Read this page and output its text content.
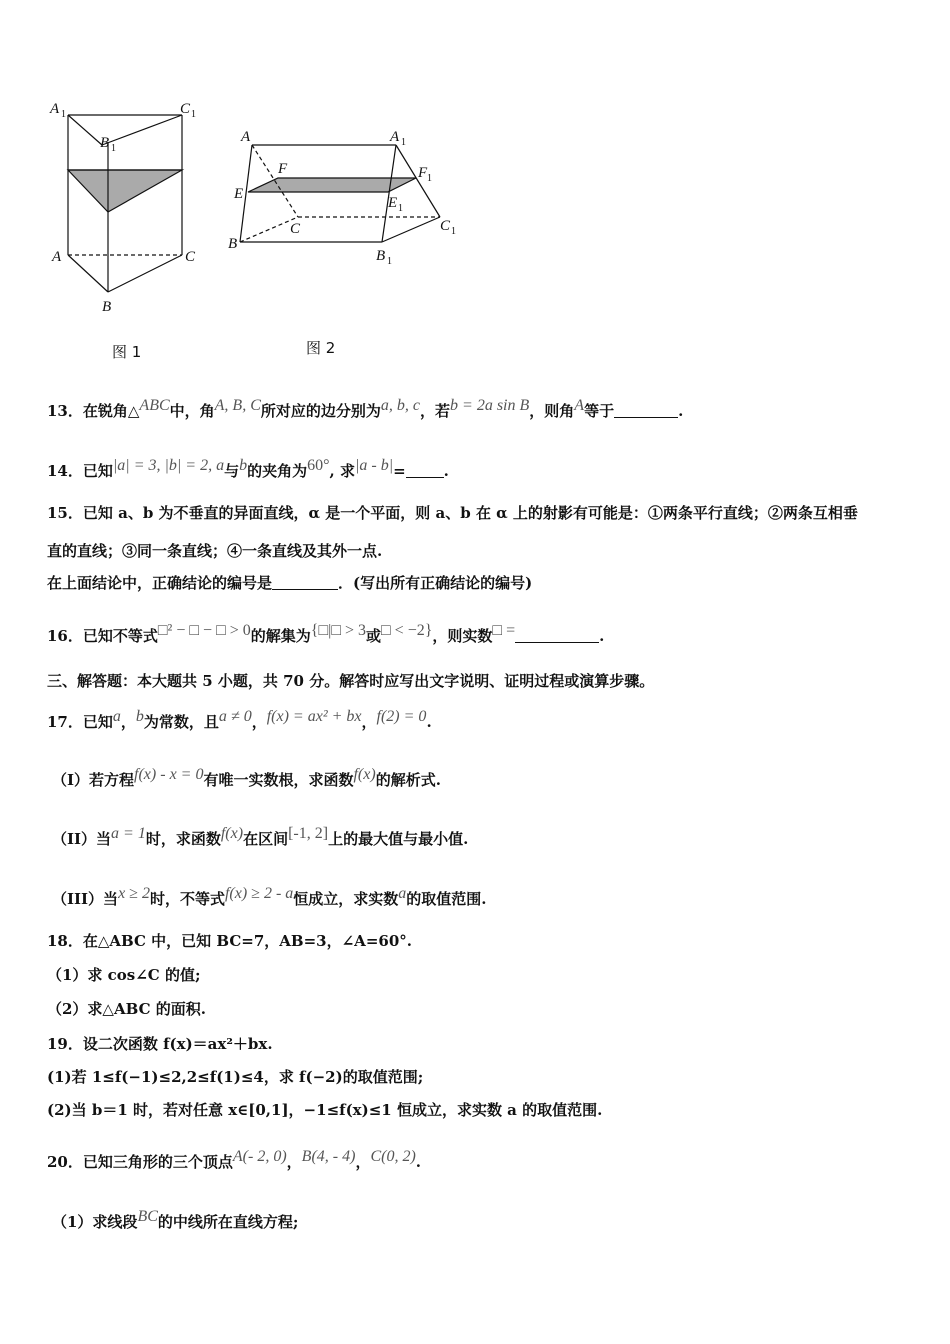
A 1	C 1
B 1
A	C
B
图 1
A	A 1
F	F 1
E
E 1
C	C 1
B
B 1
图 2
13．在锐角△ABC中，角A, B, C所对应的边分别为a, b, c，若b = 2a sin B，则角A等于	.
14．已知|a| = 3, |b| = 2, a与b的夹角为60°, 求|a - b|=	.
15．已知 a、b 为不垂直的异面直线，α 是一个平面，则 a、b 在 α 上的射影有可能是：①两条平行直线；②两条互相垂
直的直线；③同一条直线；④一条直线及其外一点.
在上面结论中，正确结论的编号是	．(写出所有正确结论的编号)
16．已知不等式□² − □ − □ > 0的解集为{□|□ > 3或□ < −2}，则实数□ =	.
三、解答题：本大题共 5 小题，共 70 分。解答时应写出文字说明、证明过程或演算步骤。
17．已知a，b为常数，且a ≠ 0，f(x) = ax² + bx，f(2) = 0.
（I）若方程f(x) - x = 0有唯一实数根，求函数f(x)的解析式.
（II）当a = 1时，求函数f(x)在区间[-1, 2]上的最大值与最小值.
（III）当x ≥ 2时，不等式f(x) ≥ 2 - a恒成立，求实数a的取值范围.
18．在△ABC 中，已知 BC=7，AB=3，∠A=60°.
（1）求 cos∠C 的值;
（2）求△ABC 的面积.
19．设二次函数 f(x)＝ax²＋bx.
(1)若 1≤f(−1)≤2,2≤f(1)≤4，求 f(−2)的取值范围;
(2)当 b＝1 时，若对任意 x∈[0,1]，−1≤f(x)≤1 恒成立，求实数 a 的取值范围.
20．已知三角形的三个顶点A(- 2, 0)，B(4, - 4)，C(0, 2).
（1）求线段BC的中线所在直线方程;
